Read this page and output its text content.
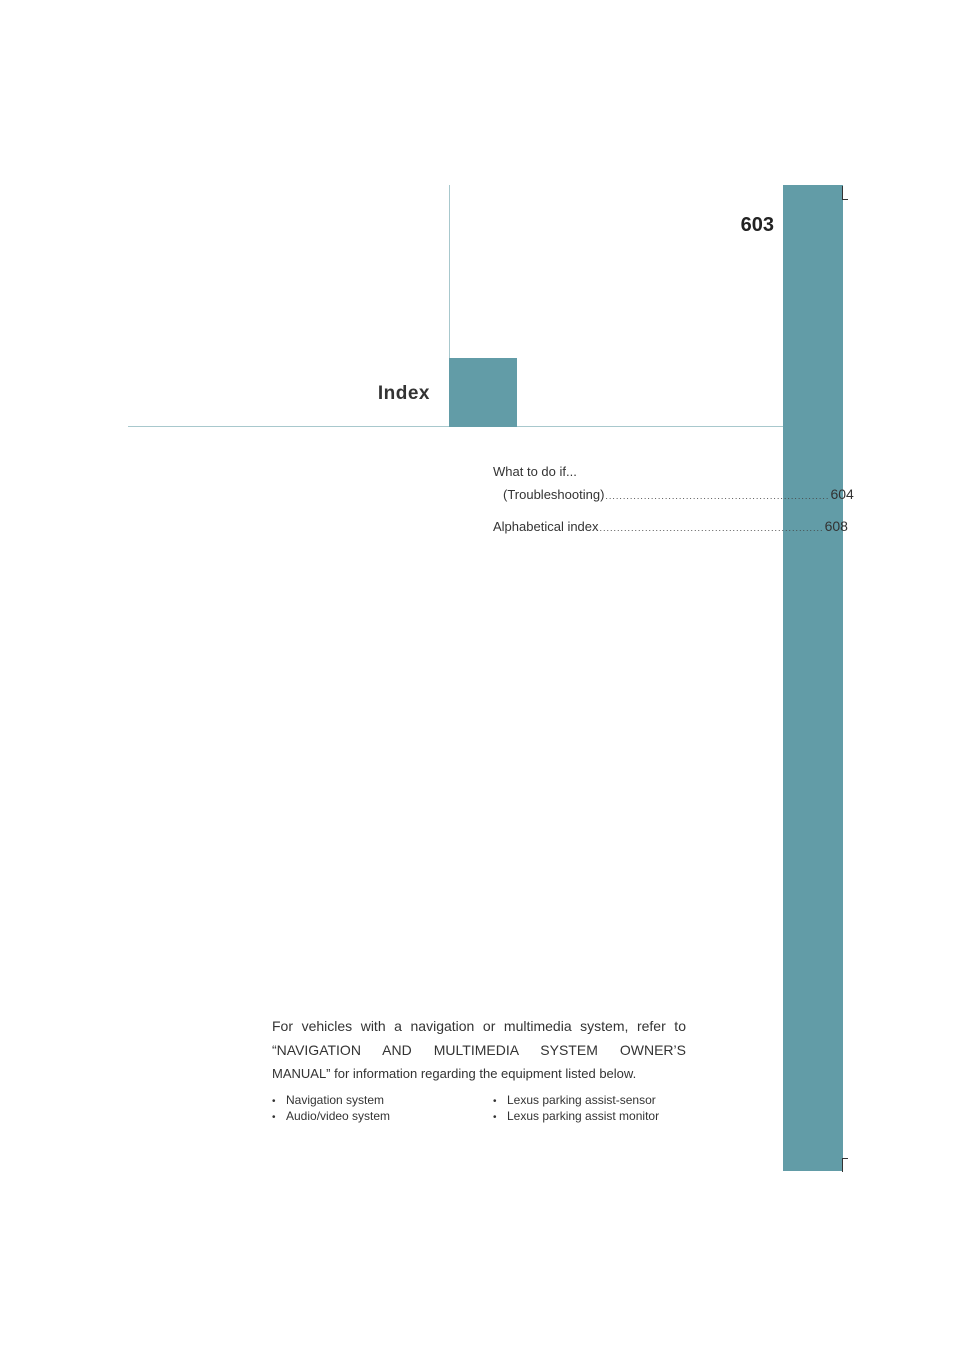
603
Index
What to do if...
(Troubleshooting) ................................................................ 604
Alphabetical index ................................................................ 608
For vehicles with a navigation or multimedia system, refer to
“NAVIGATION AND MULTIMEDIA SYSTEM OWNER’S
MANUAL” for information regarding the equipment listed below.
• Navigation system
• Audio/video system
• Lexus parking assist-sensor
• Lexus parking assist monitor
